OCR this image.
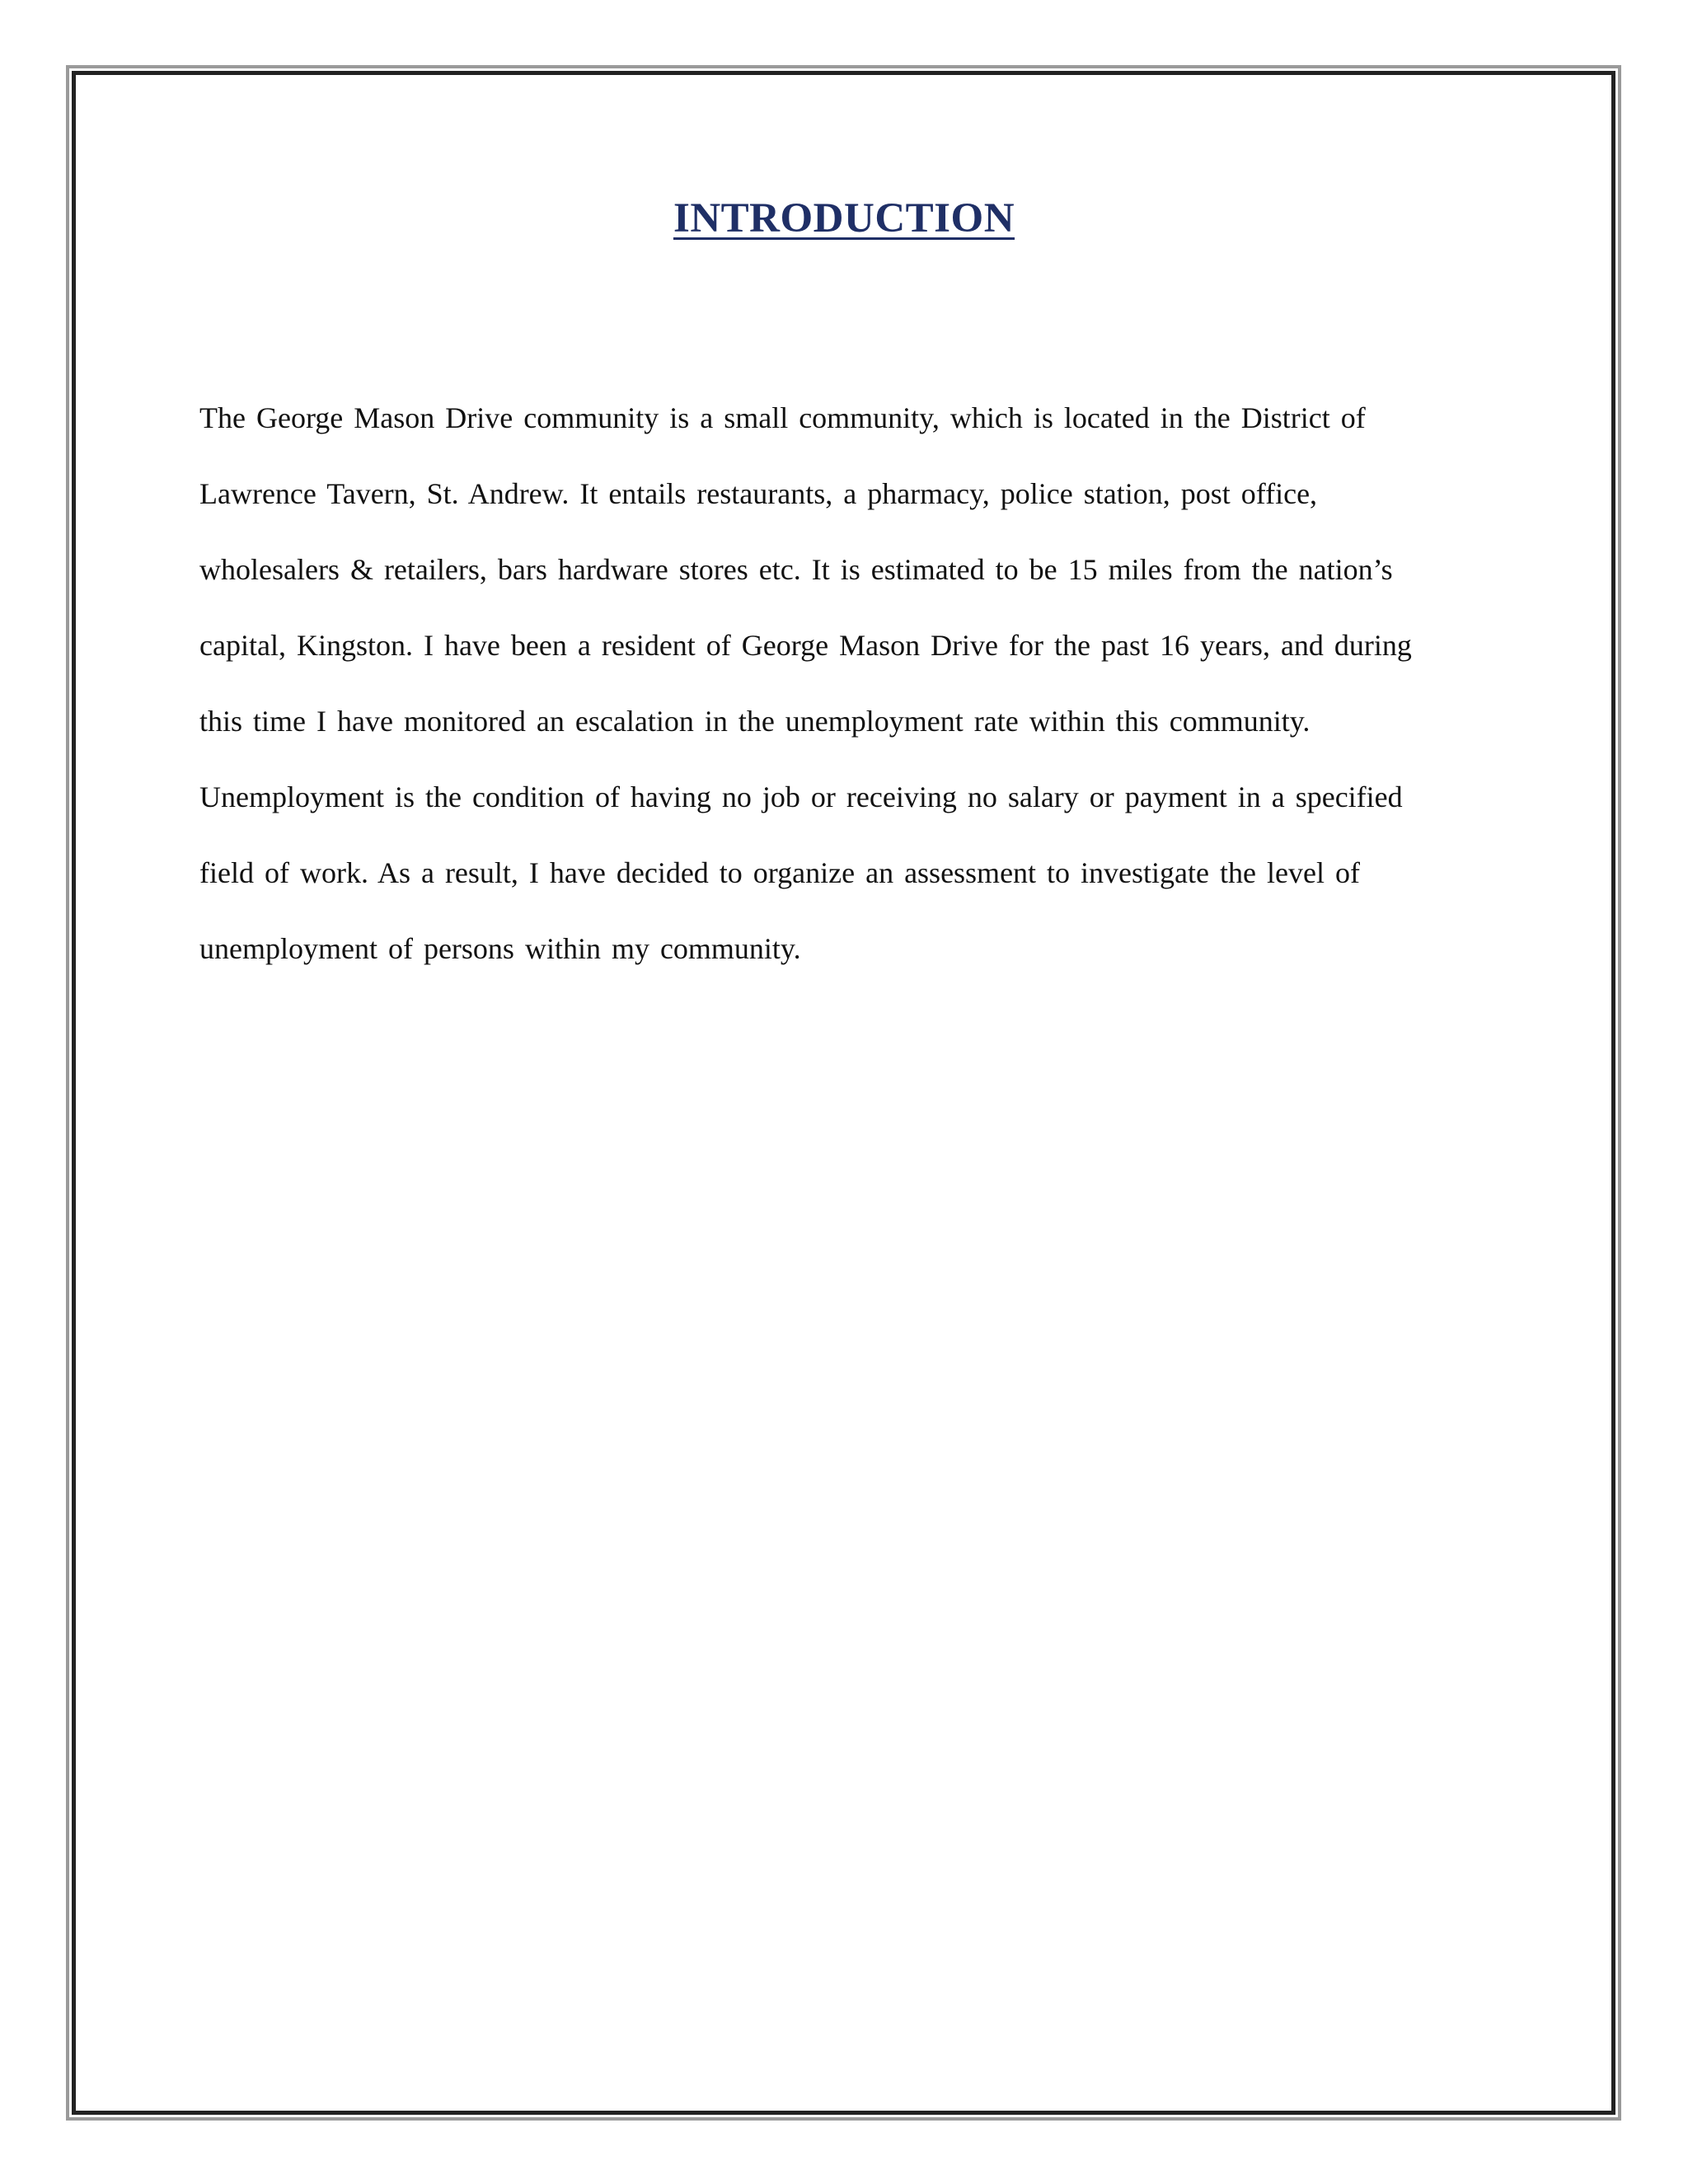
INTRODUCTION
The George Mason Drive community is a small community, which is located in the District of
Lawrence Tavern, St. Andrew. It entails restaurants, a pharmacy, police station, post office,
wholesalers & retailers, bars hardware stores etc. It is estimated to be 15 miles from the nation’s
capital, Kingston. I have been a resident of George Mason Drive for the past 16 years, and during
this time I have monitored an escalation in the unemployment rate within this community.
Unemployment is the condition of having no job or receiving no salary or payment in a specified
field of work. As a result, I have decided to organize an assessment to investigate the level of
unemployment of persons within my community.
